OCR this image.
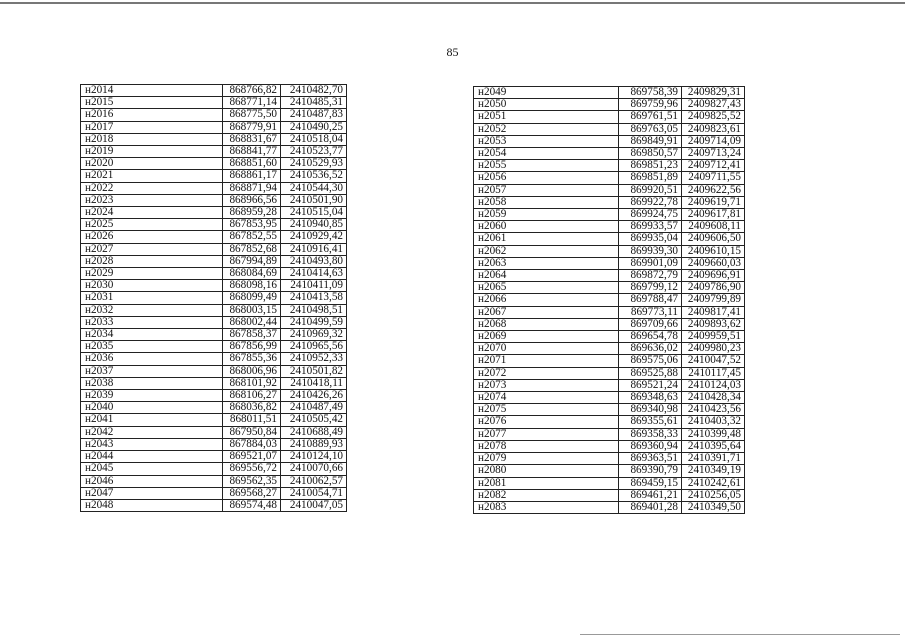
85
н2014	868766,82	2410482,70
н2015	868771,14	2410485,31
н2016	868775,50	2410487,83
н2017	868779,91	2410490,25
н2018	868831,67	2410518,04
н2019	868841,77	2410523,77
н2020	868851,60	2410529,93
н2021	868861,17	2410536,52
н2022	868871,94	2410544,30
н2023	868966,56	2410501,90
н2024	868959,28	2410515,04
н2025	867853,95	2410940,85
н2026	867852,55	2410929,42
н2027	867852,68	2410916,41
н2028	867994,89	2410493,80
н2029	868084,69	2410414,63
н2030	868098,16	2410411,09
н2031	868099,49	2410413,58
н2032	868003,15	2410498,51
н2033	868002,44	2410499,59
н2034	867858,37	2410969,32
н2035	867856,99	2410965,56
н2036	867855,36	2410952,33
н2037	868006,96	2410501,82
н2038	868101,92	2410418,11
н2039	868106,27	2410426,26
н2040	868036,82	2410487,49
н2041	868011,51	2410505,42
н2042	867950,84	2410688,49
н2043	867884,03	2410889,93
н2044	869521,07	2410124,10
н2045	869556,72	2410070,66
н2046	869562,35	2410062,57
н2047	869568,27	2410054,71
н2048	869574,48	2410047,05
н2049	869758,39	2409829,31
н2050	869759,96	2409827,43
н2051	869761,51	2409825,52
н2052	869763,05	2409823,61
н2053	869849,91	2409714,09
н2054	869850,57	2409713,24
н2055	869851,23	2409712,41
н2056	869851,89	2409711,55
н2057	869920,51	2409622,56
н2058	869922,78	2409619,71
н2059	869924,75	2409617,81
н2060	869933,57	2409608,11
н2061	869935,04	2409606,50
н2062	869939,30	2409610,15
н2063	869901,09	2409660,03
н2064	869872,79	2409696,91
н2065	869799,12	2409786,90
н2066	869788,47	2409799,89
н2067	869773,11	2409817,41
н2068	869709,66	2409893,62
н2069	869654,78	2409959,51
н2070	869636,02	2409980,23
н2071	869575,06	2410047,52
н2072	869525,88	2410117,45
н2073	869521,24	2410124,03
н2074	869348,63	2410428,34
н2075	869340,98	2410423,56
н2076	869355,61	2410403,32
н2077	869358,33	2410399,48
н2078	869360,94	2410395,64
н2079	869363,51	2410391,71
н2080	869390,79	2410349,19
н2081	869459,15	2410242,61
н2082	869461,21	2410256,05
н2083	869401,28	2410349,50
